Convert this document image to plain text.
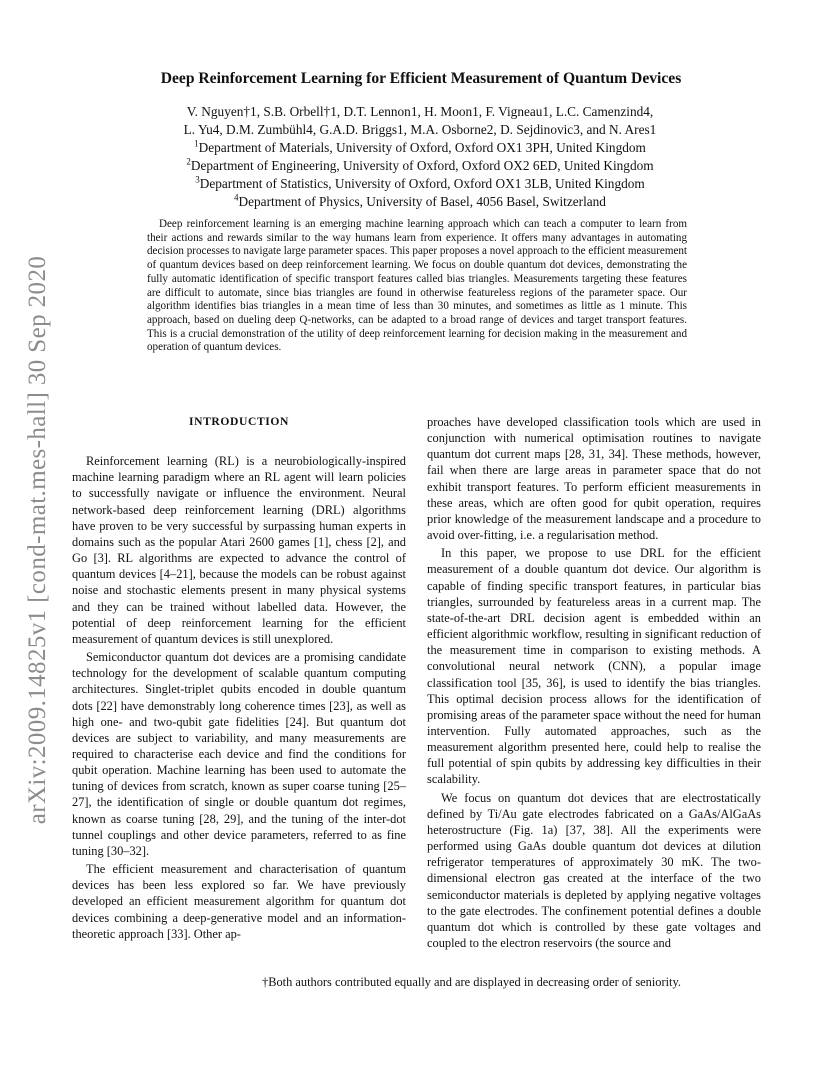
arXiv:2009.14825v1 [cond-mat.mes-hall] 30 Sep 2020
Deep Reinforcement Learning for Efficient Measurement of Quantum Devices
V. Nguyen†1, S.B. Orbell†1, D.T. Lennon1, H. Moon1, F. Vigneau1, L.C. Camenzind4,
L. Yu4, D.M. Zumbühl4, G.A.D. Briggs1, M.A. Osborne2, D. Sejdinovic3, and N. Ares1
$^1$Department of Materials, University of Oxford, Oxford OX1 3PH, United Kingdom
$^2$Department of Engineering, University of Oxford, Oxford OX2 6ED, United Kingdom
$^3$Department of Statistics, University of Oxford, Oxford OX1 3LB, United Kingdom
$^4$Department of Physics, University of Basel, 4056 Basel, Switzerland
Deep reinforcement learning is an emerging machine learning approach which can teach a computer to learn from their actions and rewards similar to the way humans learn from experience. It offers many advantages in automating decision processes to navigate large parameter spaces. This paper proposes a novel approach to the efficient measurement of quantum devices based on deep reinforcement learning. We focus on double quantum dot devices, demonstrating the fully automatic identification of specific transport features called bias triangles. Measurements targeting these features are difficult to automate, since bias triangles are found in otherwise featureless regions of the parameter space. Our algorithm identifies bias triangles in a mean time of less than 30 minutes, and sometimes as little as 1 minute. This approach, based on dueling deep Q-networks, can be adapted to a broad range of devices and target transport features. This is a crucial demonstration of the utility of deep reinforcement learning for decision making in the measurement and operation of quantum devices.
INTRODUCTION

Reinforcement learning (RL) is a neurobiologically-inspired machine learning paradigm where an RL agent will learn policies to successfully navigate or influence the environment. Neural network-based deep reinforcement learning (DRL) algorithms have proven to be very successful by surpassing human experts in domains such as the popular Atari 2600 games [1], chess [2], and Go [3]. RL algorithms are expected to advance the control of quantum devices [4–21], because the models can be robust against noise and stochastic elements present in many physical systems and they can be trained without labelled data. However, the potential of deep reinforcement learning for the efficient measurement of quantum devices is still unexplored.

Semiconductor quantum dot devices are a promising candidate technology for the development of scalable quantum computing architectures. Singlet-triplet qubits encoded in double quantum dots [22] have demonstrably long coherence times [23], as well as high one- and two-qubit gate fidelities [24]. But quantum dot devices are subject to variability, and many measurements are required to characterise each device and find the conditions for qubit operation. Machine learning has been used to automate the tuning of devices from scratch, known as super coarse tuning [25–27], the identification of single or double quantum dot regimes, known as coarse tuning [28, 29], and the tuning of the inter-dot tunnel couplings and other device parameters, referred to as fine tuning [30–32].

The efficient measurement and characterisation of quantum devices has been less explored so far. We have previously developed an efficient measurement algorithm for quantum dot devices combining a deep-generative model and an information-theoretic approach [33]. Other ap-

proaches have developed classification tools which are used in conjunction with numerical optimisation routines to navigate quantum dot current maps [28, 31, 34]. These methods, however, fail when there are large areas in parameter space that do not exhibit transport features. To perform efficient measurements in these areas, which are often good for qubit operation, requires prior knowledge of the measurement landscape and a procedure to avoid over-fitting, i.e. a regularisation method.

In this paper, we propose to use DRL for the efficient measurement of a double quantum dot device. Our algorithm is capable of finding specific transport features, in particular bias triangles, surrounded by featureless areas in a current map. The state-of-the-art DRL decision agent is embedded within an efficient algorithmic workflow, resulting in significant reduction of the measurement time in comparison to existing methods. A convolutional neural network (CNN), a popular image classification tool [35, 36], is used to identify the bias triangles. This optimal decision process allows for the identification of promising areas of the parameter space without the need for human intervention. Fully automated approaches, such as the measurement algorithm presented here, could help to realise the full potential of spin qubits by addressing key difficulties in their scalability.

We focus on quantum dot devices that are electrostatically defined by Ti/Au gate electrodes fabricated on a GaAs/AlGaAs heterostructure (Fig. 1a) [37, 38]. All the experiments were performed using GaAs double quantum dot devices at dilution refrigerator temperatures of approximately 30 mK. The two-dimensional electron gas created at the interface of the two semiconductor materials is depleted by applying negative voltages to the gate electrodes. The confinement potential defines a double quantum dot which is controlled by these gate voltages and coupled to the electron reservoirs (the source and

†Both authors contributed equally and are displayed in decreasing order of seniority.
